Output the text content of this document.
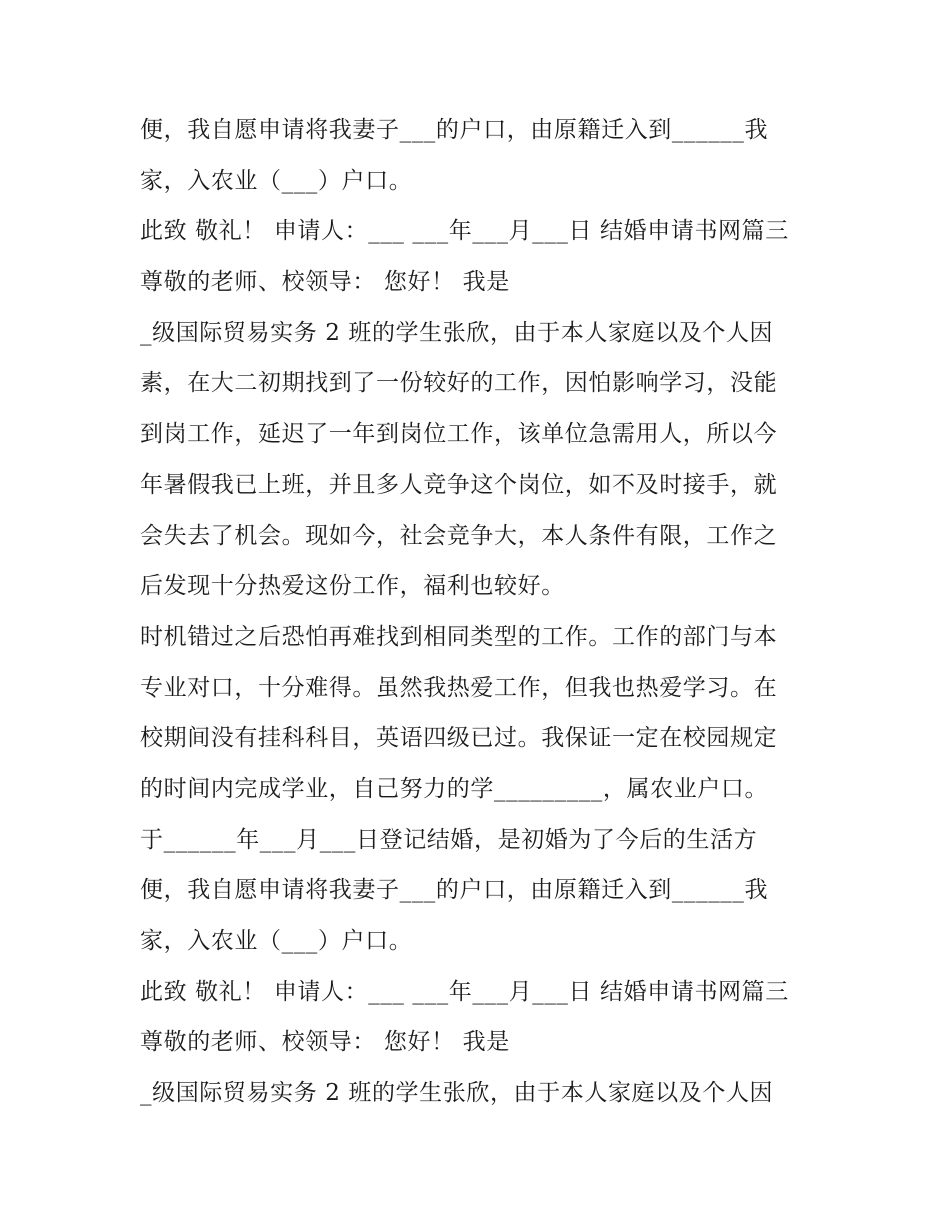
便，我自愿申请将我妻子___的户口，由原籍迁入到______我
家，入农业（___）户口。
此致 敬礼！ 申请人：___ ___年___月___日 结婚申请书网篇三
尊敬的老师、校领导： 您好！ 我是
_级国际贸易实务 2 班的学生张欣，由于本人家庭以及个人因
素，在大二初期找到了一份较好的工作，因怕影响学习，没能
到岗工作，延迟了一年到岗位工作，该单位急需用人，所以今
年暑假我已上班，并且多人竞争这个岗位，如不及时接手，就
会失去了机会。现如今，社会竞争大，本人条件有限，工作之
后发现十分热爱这份工作，福利也较好。
时机错过之后恐怕再难找到相同类型的工作。工作的部门与本
专业对口，十分难得。虽然我热爱工作，但我也热爱学习。在
校期间没有挂科科目，英语四级已过。我保证一定在校园规定
的时间内完成学业，自己努力的学_________，属农业户口。
于______年___月___日登记结婚，是初婚为了今后的生活方
便，我自愿申请将我妻子___的户口，由原籍迁入到______我
家，入农业（___）户口。
此致 敬礼！ 申请人：___ ___年___月___日 结婚申请书网篇三
尊敬的老师、校领导： 您好！ 我是
_级国际贸易实务 2 班的学生张欣，由于本人家庭以及个人因
